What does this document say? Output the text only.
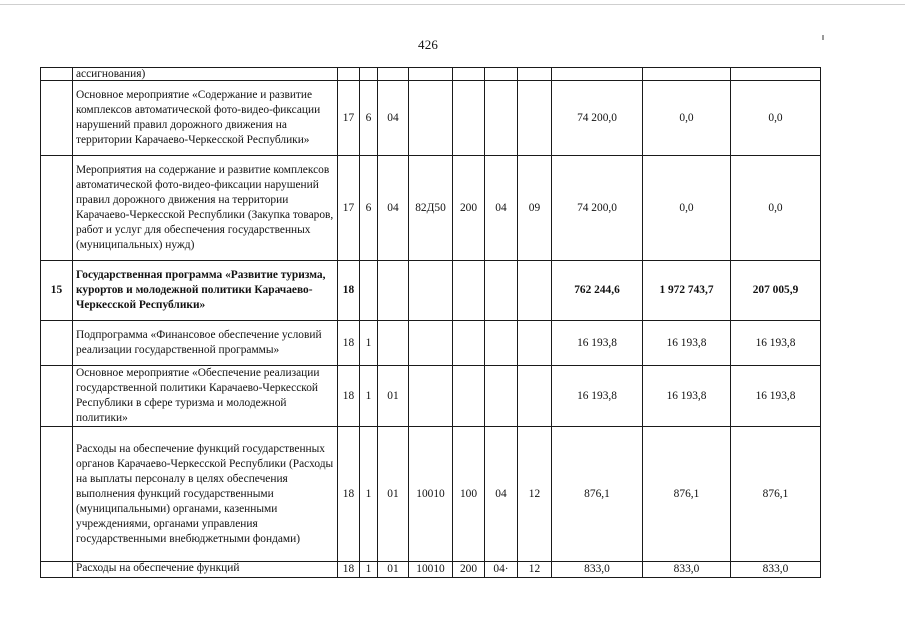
426
	ассигнования)										
	Основное мероприятие «Содержание и развитие комплексов автоматической фото-видео-фиксации нарушений правил дорожного движения на территории Карачаево-Черкесской Республики»	17	6	04					74 200,0	0,0	0,0
	Мероприятия на содержание и развитие комплексов автоматической фото-видео-фиксации нарушений правил дорожного движения на территории Карачаево-Черкесской Республики (Закупка товаров, работ и услуг для обеспечения государственных (муниципальных) нужд)	17	6	04	82Д50	200	04	09	74 200,0	0,0	0,0
15	Государственная программа «Развитие туризма, курортов и молодежной политики Карачаево-Черкесской Республики»	18							762 244,6	1 972 743,7	207 005,9
	Подпрограмма «Финансовое обеспечение условий реализации государственной программы»	18	1						16 193,8	16 193,8	16 193,8
	Основное мероприятие «Обеспечение реализации государственной политики Карачаево-Черкесской Республики в сфере туризма и молодежной политики»	18	1	01					16 193,8	16 193,8	16 193,8
	Расходы на обеспечение функций государственных органов Карачаево-Черкесской Республики (Расходы на выплаты персоналу в целях обеспечения выполнения функций государственными (муниципальными) органами, казенными учреждениями, органами управления государственными внебюджетными фондами)	18	1	01	10010	100	04	12	876,1	876,1	876,1
	Расходы на обеспечение функций	18	1	01	10010	200	04·	12	833,0	833,0	833,0
